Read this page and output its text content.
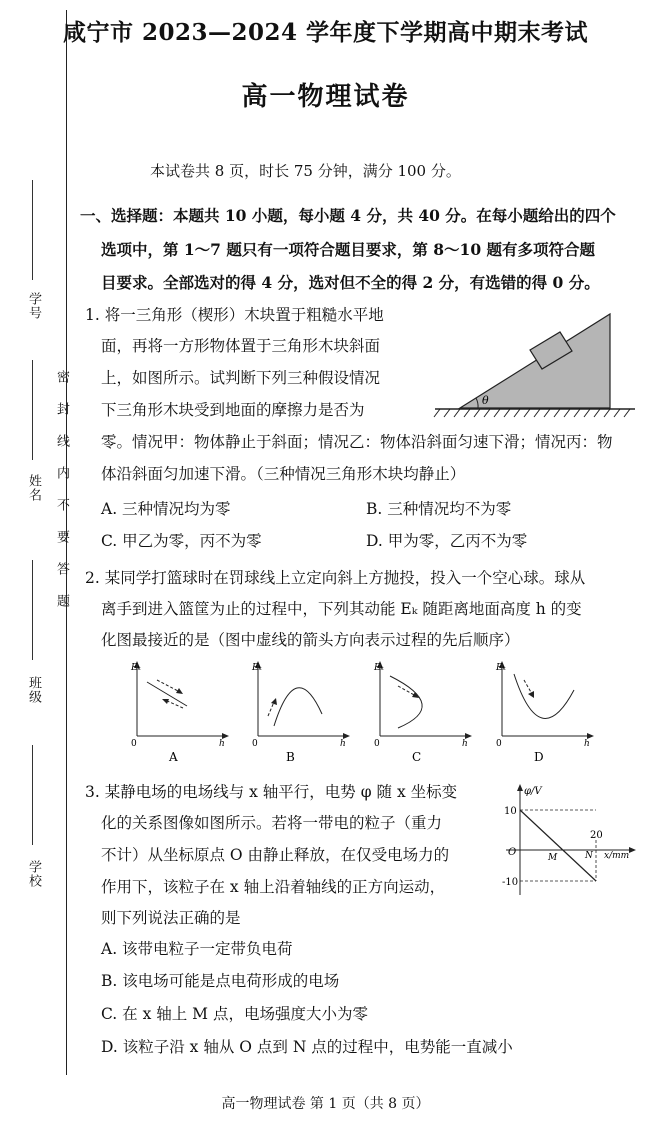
学号
姓名
班级
学校
密封线内不要答题
咸宁市 2023—2024 学年度下学期高中期末考试
高一物理试卷
本试卷共 8 页，时长 75 分钟，满分 100 分。
一、选择题：本题共 10 小题，每小题 4 分，共 40 分。在每小题给出的四个
选项中，第 1～7 题只有一项符合题目要求，第 8～10 题有多项符合题
目要求。全部选对的得 4 分，选对但不全的得 2 分，有选错的得 0 分。
1. 将一三角形（楔形）木块置于粗糙水平地
面，再将一方形物体置于三角形木块斜面
上，如图所示。试判断下列三种假设情况
下三角形木块受到地面的摩擦力是否为
零。情况甲：物体静止于斜面；情况乙：物体沿斜面匀速下滑；情况丙：物
体沿斜面匀加速下滑。（三种情况三角形木块均静止）
θ
A. 三种情况均为零	B. 三种情况均不为零
C. 甲乙为零，丙不为零	D. 甲为零，乙丙不为零
2. 某同学打篮球时在罚球线上立定向斜上方抛投，投入一个空心球。球从
离手到进入篮筐为止的过程中，下列其动能 Eₖ 随距离地面高度 h 的变
化图最接近的是（图中虚线的箭头方向表示过程的先后顺序）
Eₖ
0	h
A
Eₖ
0	h
B
Eₖ
0	h
C
Eₖ
0	h
D
3. 某静电场的电场线与 x 轴平行，电势 φ 随 x 坐标变
化的关系图像如图所示。若将一带电的粒子（重力
不计）从坐标原点 O 由静止释放，在仅受电场力的
作用下，该粒子在 x 轴上沿着轴线的正方向运动，
则下列说法正确的是
φ/V
10
-10
O
20
x/mm
M	N
A. 该带电粒子一定带负电荷
B. 该电场可能是点电荷形成的电场
C. 在 x 轴上 M 点，电场强度大小为零
D. 该粒子沿 x 轴从 O 点到 N 点的过程中，电势能一直减小
高一物理试卷 第 1 页（共 8 页）
